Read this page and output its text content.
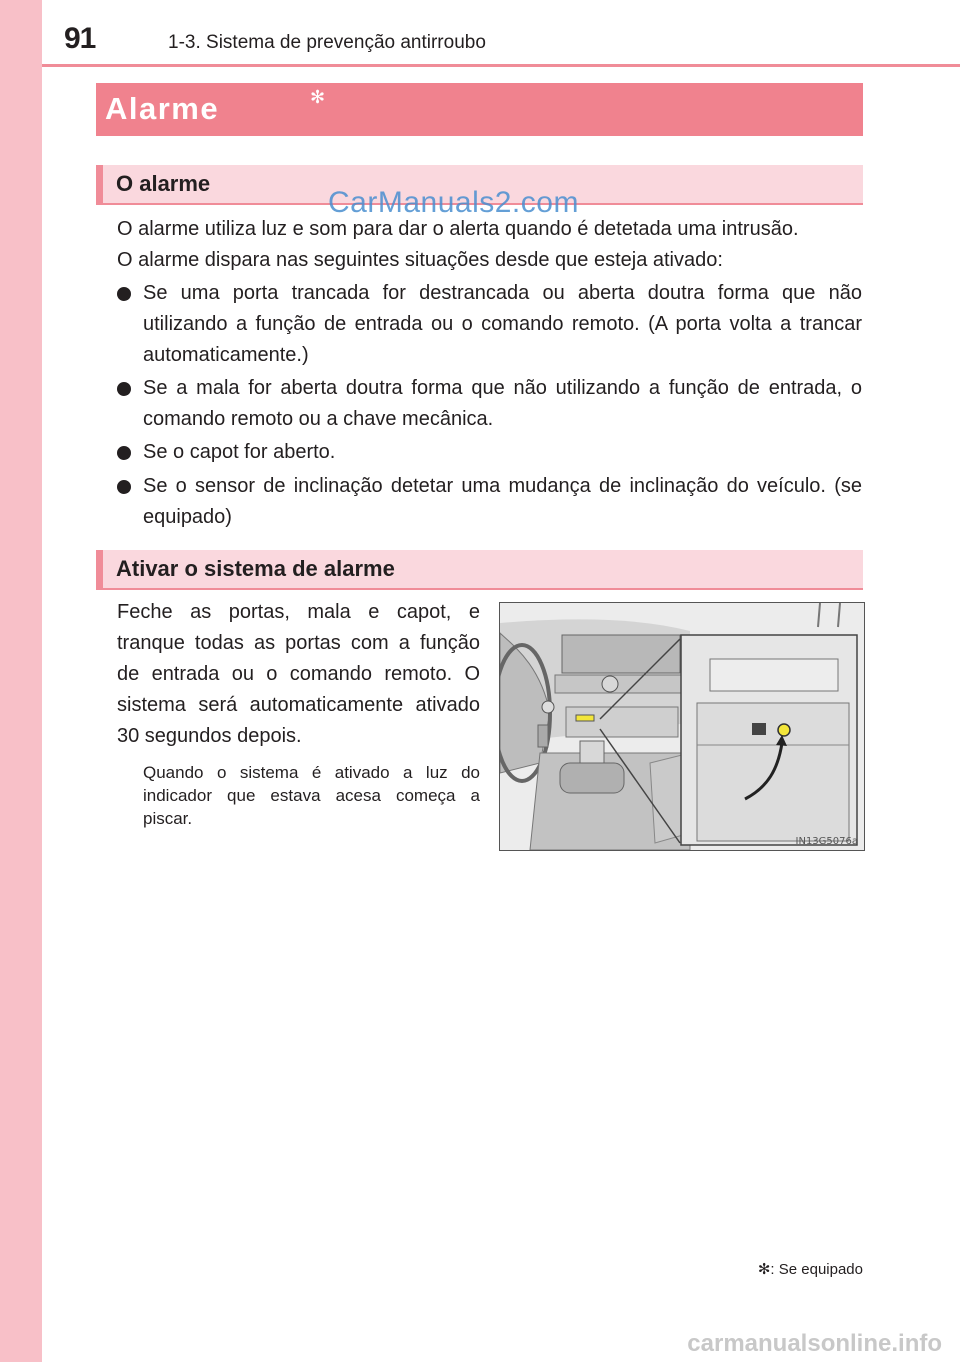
91	1-3. Sistema de prevenção antirroubo
Alarme	✻
O alarme
CarManuals2.com

O alarme utiliza luz e som para dar o alerta quando é detetada uma intrusão.

O alarme dispara nas seguintes situações desde que esteja ativado:

Se uma porta trancada for destrancada ou aberta doutra forma que não utilizando a função de entrada ou o comando remoto. (A porta volta a trancar automaticamente.)
Se a mala for aberta doutra forma que não utilizando a função de entrada, o comando remoto ou a chave mecânica.
Se o capot for aberto.
Se o sensor de inclinação detetar uma mudança de inclinação do veículo. (se equipado)
Ativar o sistema de alarme
Feche as portas, mala e capot, e tranque todas as portas com a função de entrada ou o comando remoto. O sistema será automaticamente ativado 30 segundos depois.
Quando o sistema é ativado a luz do indicador que estava acesa começa a piscar.
IN13G5076a
✻: Se equipado
carmanualsonline.info
